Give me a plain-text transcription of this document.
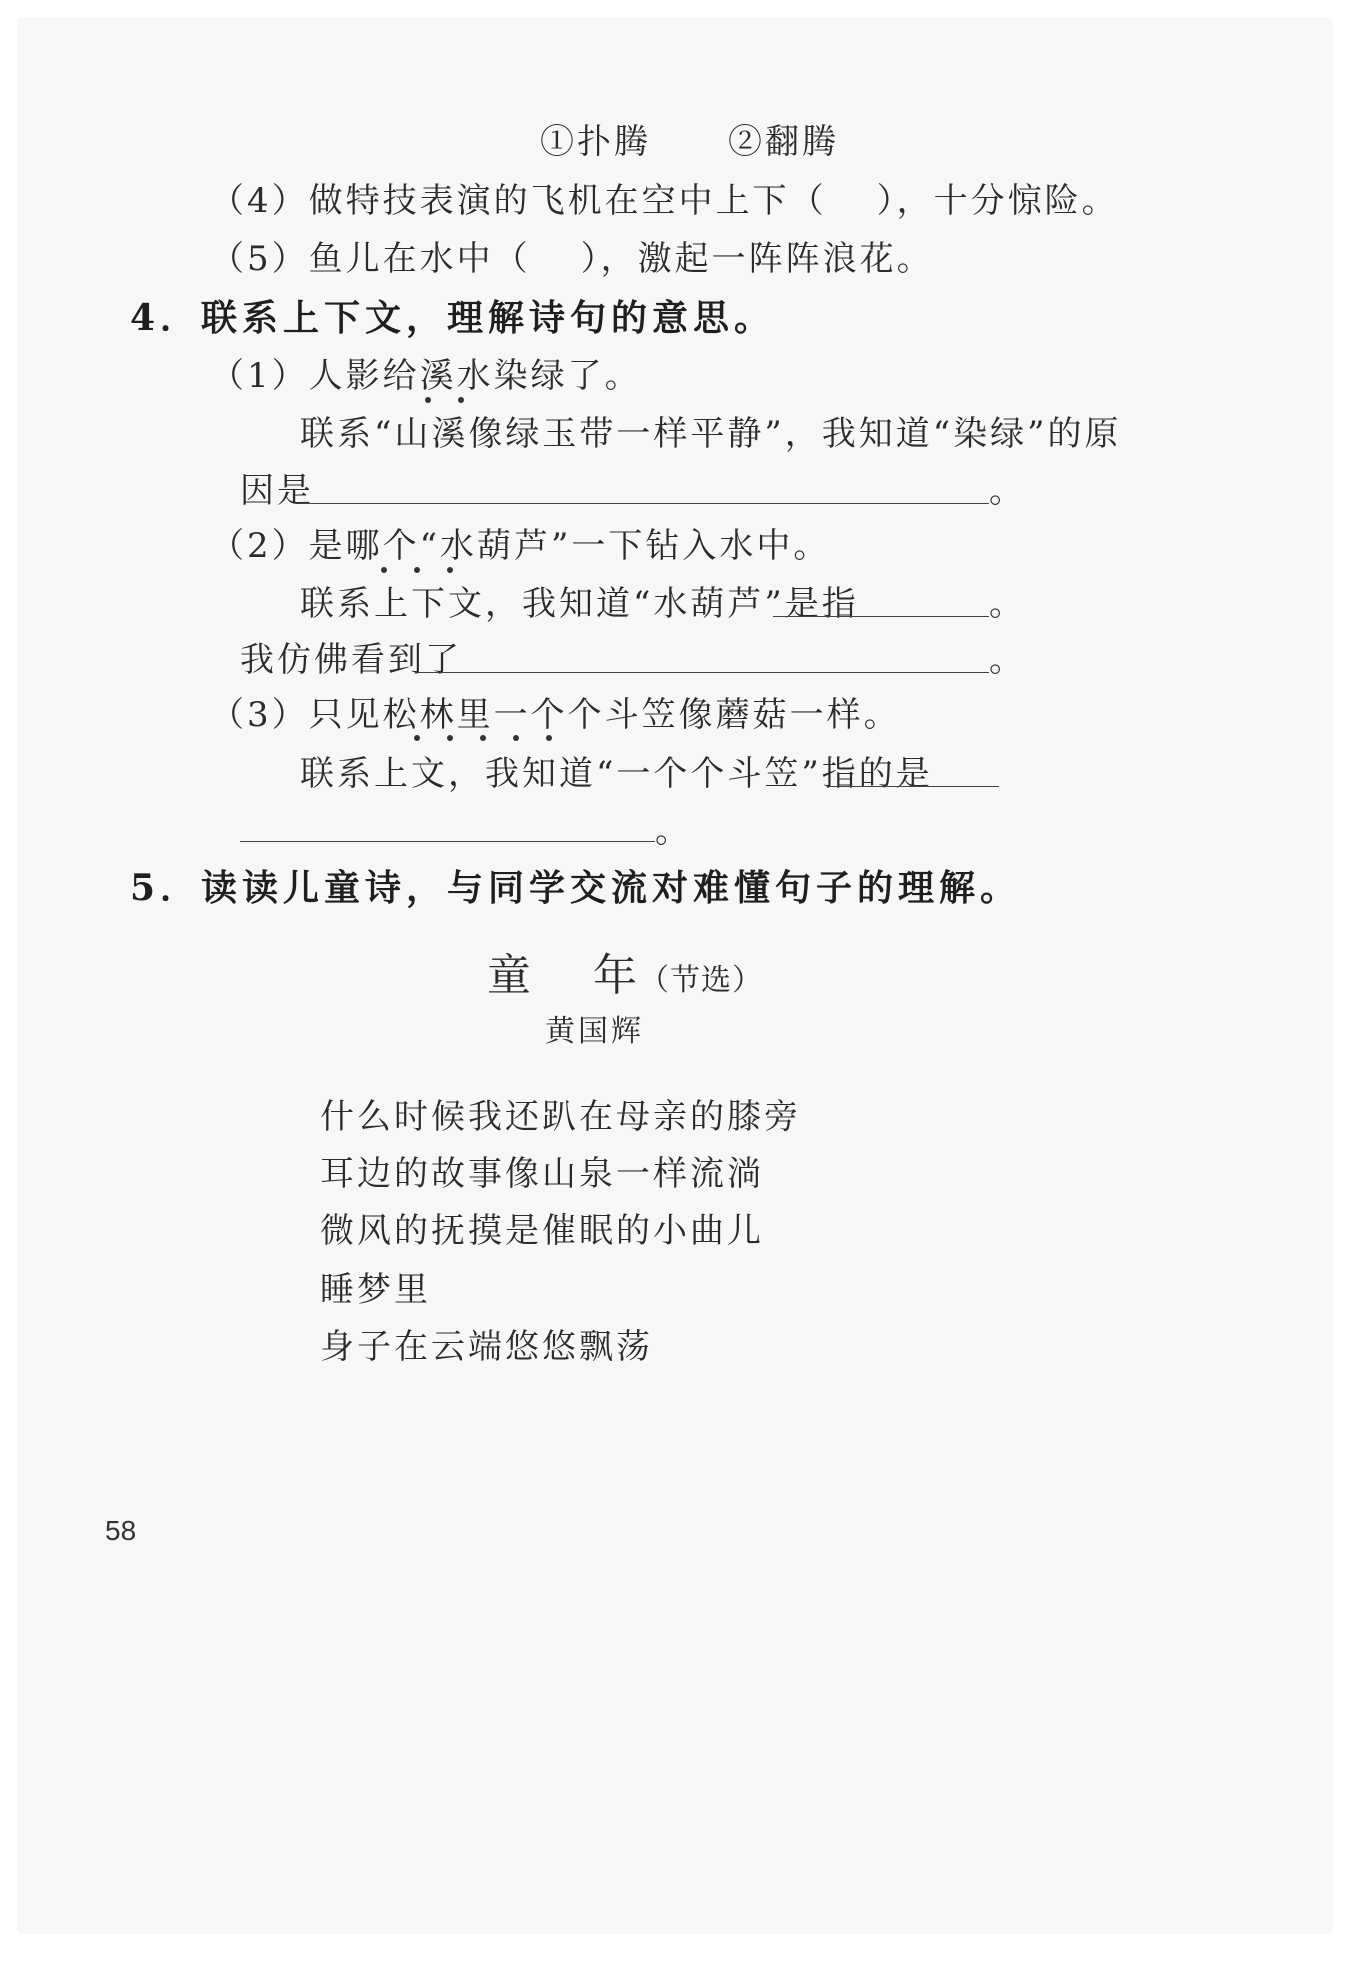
①扑腾 ②翻腾
（4）做特技表演的飞机在空中上下（ ），十分惊险。
（5）鱼儿在水中（ ），激起一阵阵浪花。
4．联系上下文，理解诗句的意思。
（1）人影给溪水染绿了。
联系“山溪像绿玉带一样平静”，我知道“染绿”的原
因是	。
（2）是哪个“水葫芦”一下钻入水中。
联系上下文，我知道“水葫芦”是指	。
我仿佛看到了	。
（3）只见松林里一个个斗笠像蘑菇一样。
联系上文，我知道“一个个斗笠”指的是
。
5．读读儿童诗，与同学交流对难懂句子的理解。
童 年（节选）
黄国辉
什么时候我还趴在母亲的膝旁
耳边的故事像山泉一样流淌
微风的抚摸是催眠的小曲儿
睡梦里
身子在云端悠悠飘荡
58
